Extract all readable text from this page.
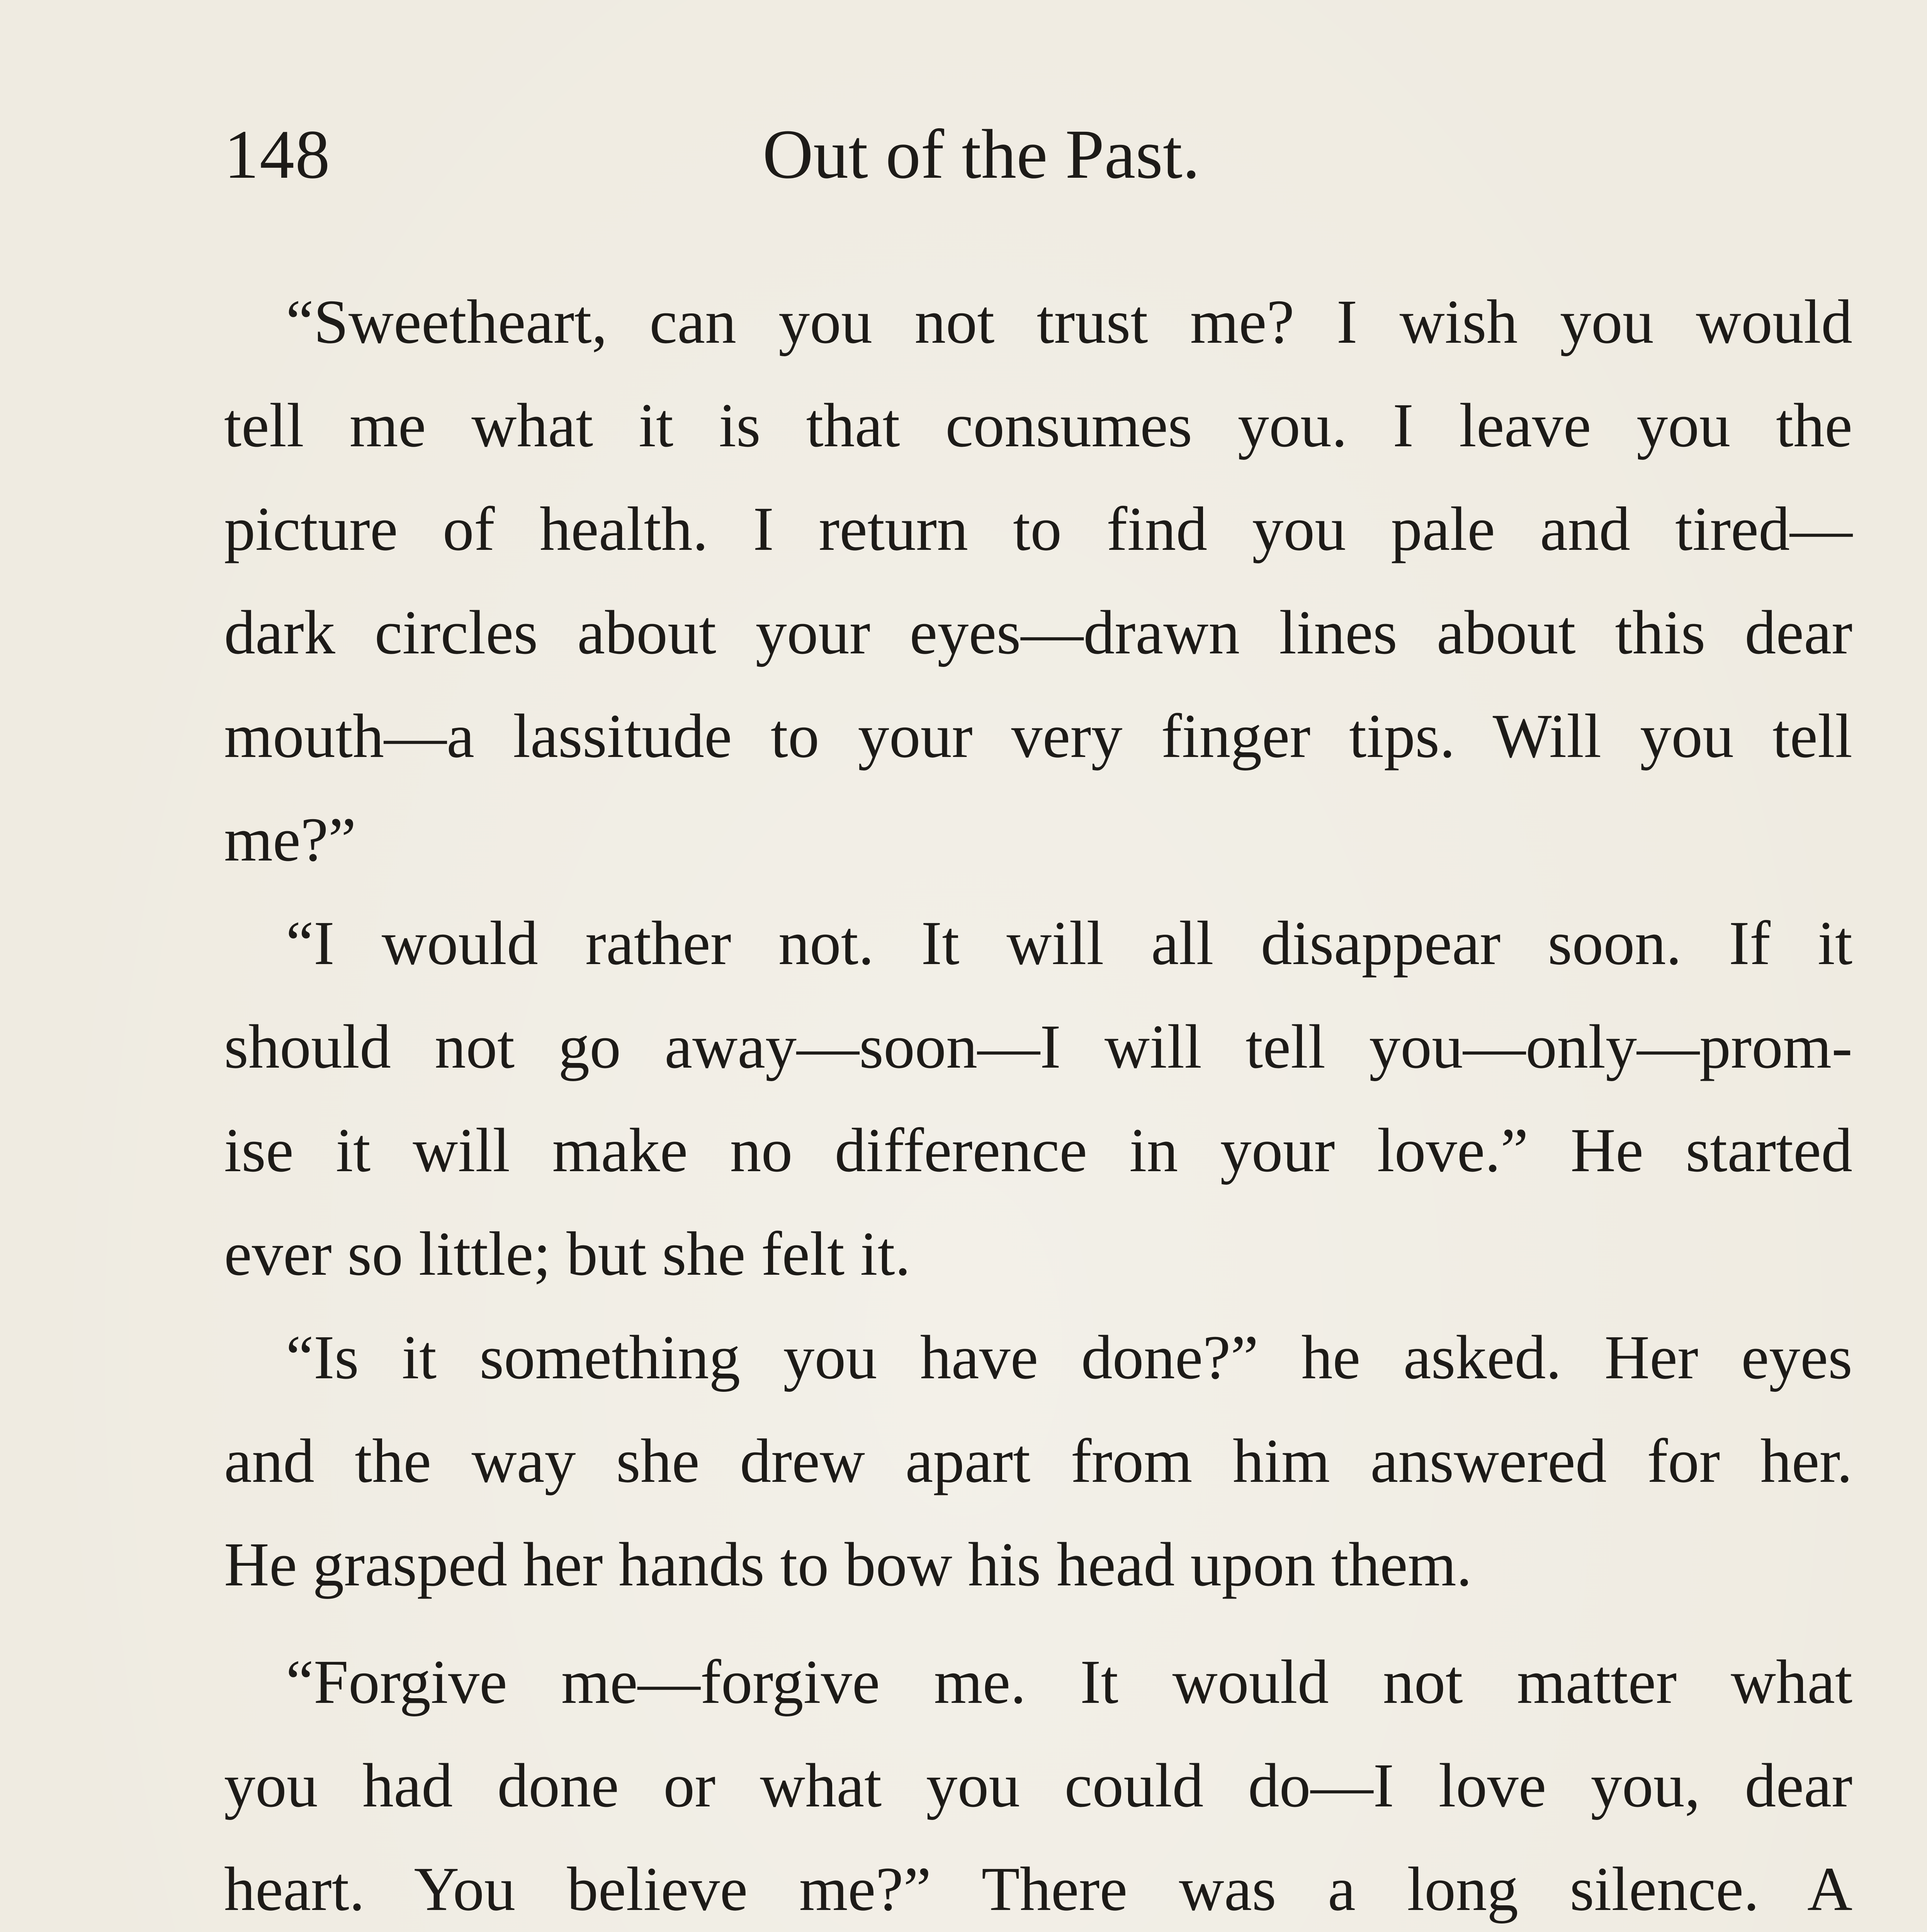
148	Out of the Past.
“Sweetheart, can you not trust me? I wish you would
tell me what it is that consumes you. I leave you the
picture of health. I return to find you pale and tired—
dark circles about your eyes—drawn lines about this dear
mouth—a lassitude to your very finger tips. Will you tell
me?”
“I would rather not. It will all disappear soon. If it
should not go away—soon—I will tell you—only—prom-
ise it will make no difference in your love.” He started
ever so little; but she felt it.
“Is it something you have done?” he asked. Her eyes
and the way she drew apart from him answered for her.
He grasped her hands to bow his head upon them.
“Forgive me—forgive me. It would not matter what
you had done or what you could do—I love you, dear
heart. You believe me?” There was a long silence. A
